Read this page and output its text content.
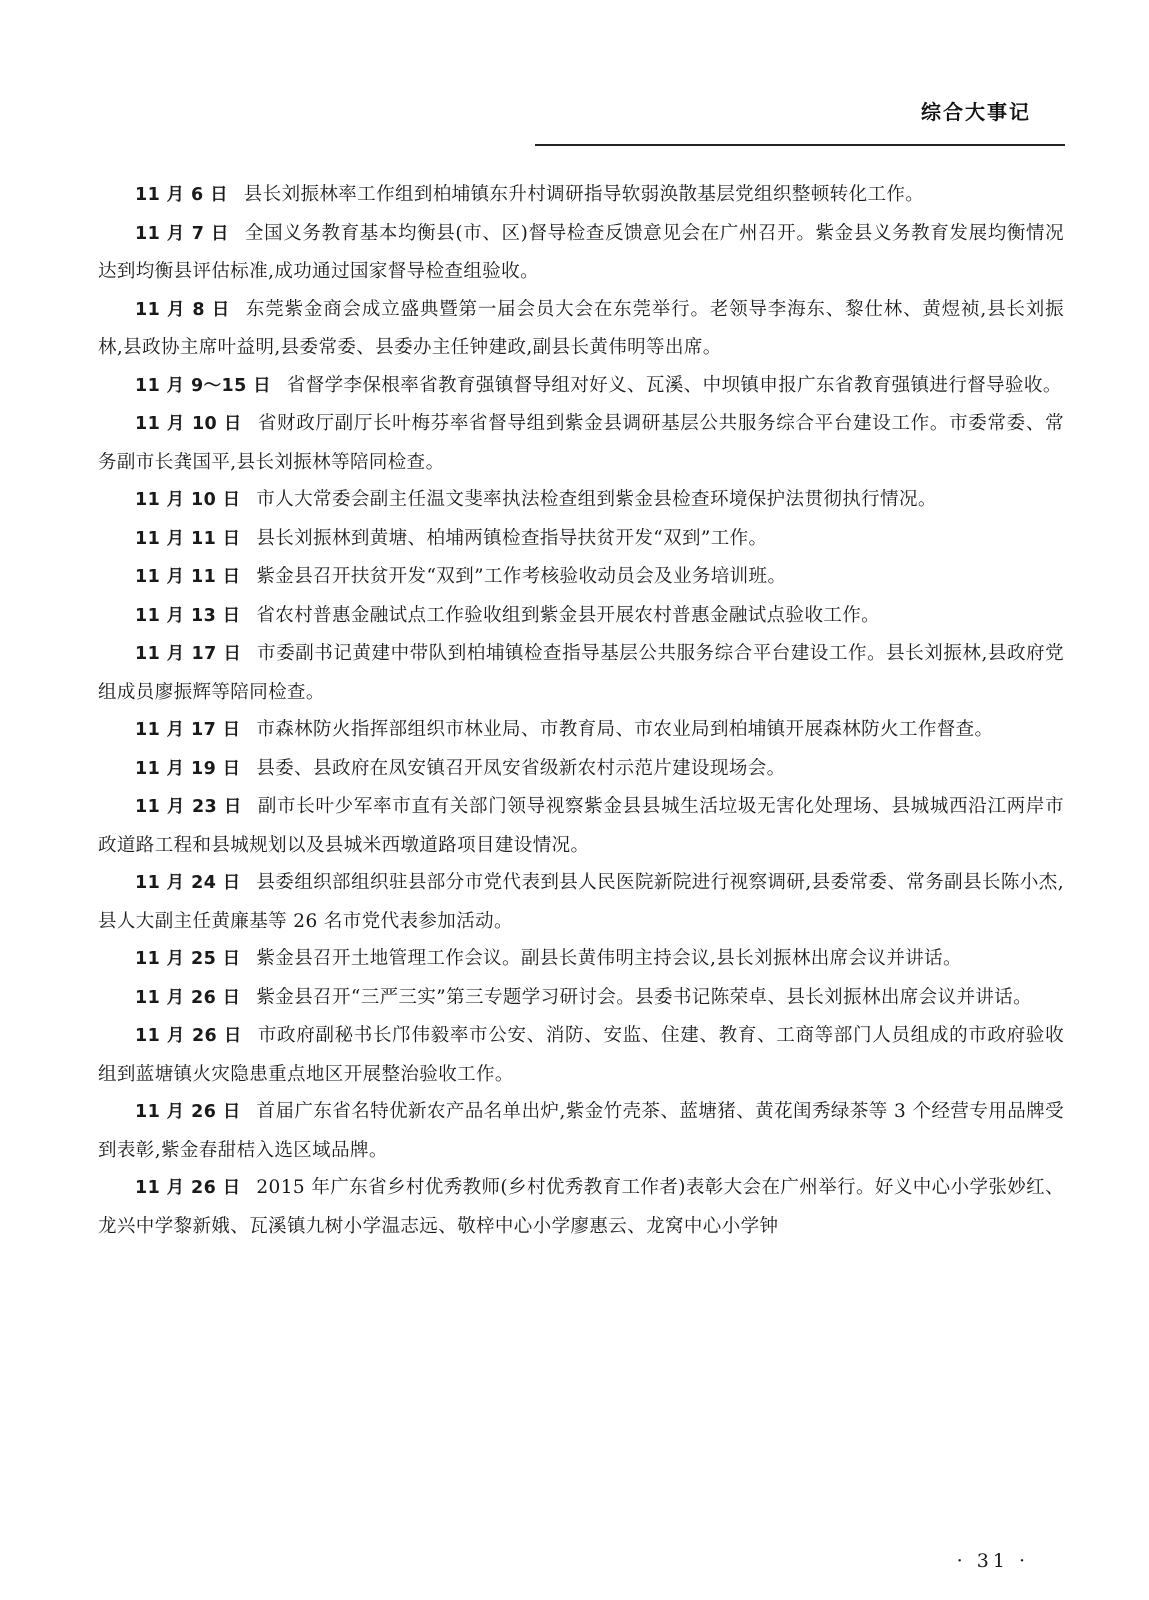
综合大事记

11 月 6 日 县长刘振林率工作组到柏埔镇东升村调研指导软弱涣散基层党组织整顿转化工作。

11 月 7 日 全国义务教育基本均衡县(市、区)督导检查反馈意见会在广州召开。紫金县义务教育发展均衡情况达到均衡县评估标准,成功通过国家督导检查组验收。

11 月 8 日 东莞紫金商会成立盛典暨第一届会员大会在东莞举行。老领导李海东、黎仕林、黄煜祯,县长刘振林,县政协主席叶益明,县委常委、县委办主任钟建政,副县长黄伟明等出席。

11 月 9～15 日 省督学李保根率省教育强镇督导组对好义、瓦溪、中坝镇申报广东省教育强镇进行督导验收。

11 月 10 日 省财政厅副厅长叶梅芬率省督导组到紫金县调研基层公共服务综合平台建设工作。市委常委、常务副市长龚国平,县长刘振林等陪同检查。

11 月 10 日 市人大常委会副主任温文斐率执法检查组到紫金县检查环境保护法贯彻执行情况。

11 月 11 日 县长刘振林到黄塘、柏埔两镇检查指导扶贫开发“双到”工作。

11 月 11 日 紫金县召开扶贫开发“双到”工作考核验收动员会及业务培训班。

11 月 13 日 省农村普惠金融试点工作验收组到紫金县开展农村普惠金融试点验收工作。

11 月 17 日 市委副书记黄建中带队到柏埔镇检查指导基层公共服务综合平台建设工作。县长刘振林,县政府党组成员廖振辉等陪同检查。

11 月 17 日 市森林防火指挥部组织市林业局、市教育局、市农业局到柏埔镇开展森林防火工作督查。

11 月 19 日 县委、县政府在凤安镇召开凤安省级新农村示范片建设现场会。

11 月 23 日 副市长叶少军率市直有关部门领导视察紫金县县城生活垃圾无害化处理场、县城城西沿江两岸市政道路工程和县城规划以及县城米西墩道路项目建设情况。

11 月 24 日 县委组织部组织驻县部分市党代表到县人民医院新院进行视察调研,县委常委、常务副县长陈小杰,县人大副主任黄廉基等 26 名市党代表参加活动。

11 月 25 日 紫金县召开土地管理工作会议。副县长黄伟明主持会议,县长刘振林出席会议并讲话。

11 月 26 日 紫金县召开“三严三实”第三专题学习研讨会。县委书记陈荣卓、县长刘振林出席会议并讲话。

11 月 26 日 市政府副秘书长邝伟毅率市公安、消防、安监、住建、教育、工商等部门人员组成的市政府验收组到蓝塘镇火灾隐患重点地区开展整治验收工作。

11 月 26 日 首届广东省名特优新农产品名单出炉,紫金竹壳茶、蓝塘猪、黄花闺秀绿茶等 3 个经营专用品牌受到表彰,紫金春甜桔入选区域品牌。

11 月 26 日 2015 年广东省乡村优秀教师(乡村优秀教育工作者)表彰大会在广州举行。好义中心小学张妙红、龙兴中学黎新娥、瓦溪镇九树小学温志远、敬梓中心小学廖惠云、龙窝中心小学钟

· 31 ·
